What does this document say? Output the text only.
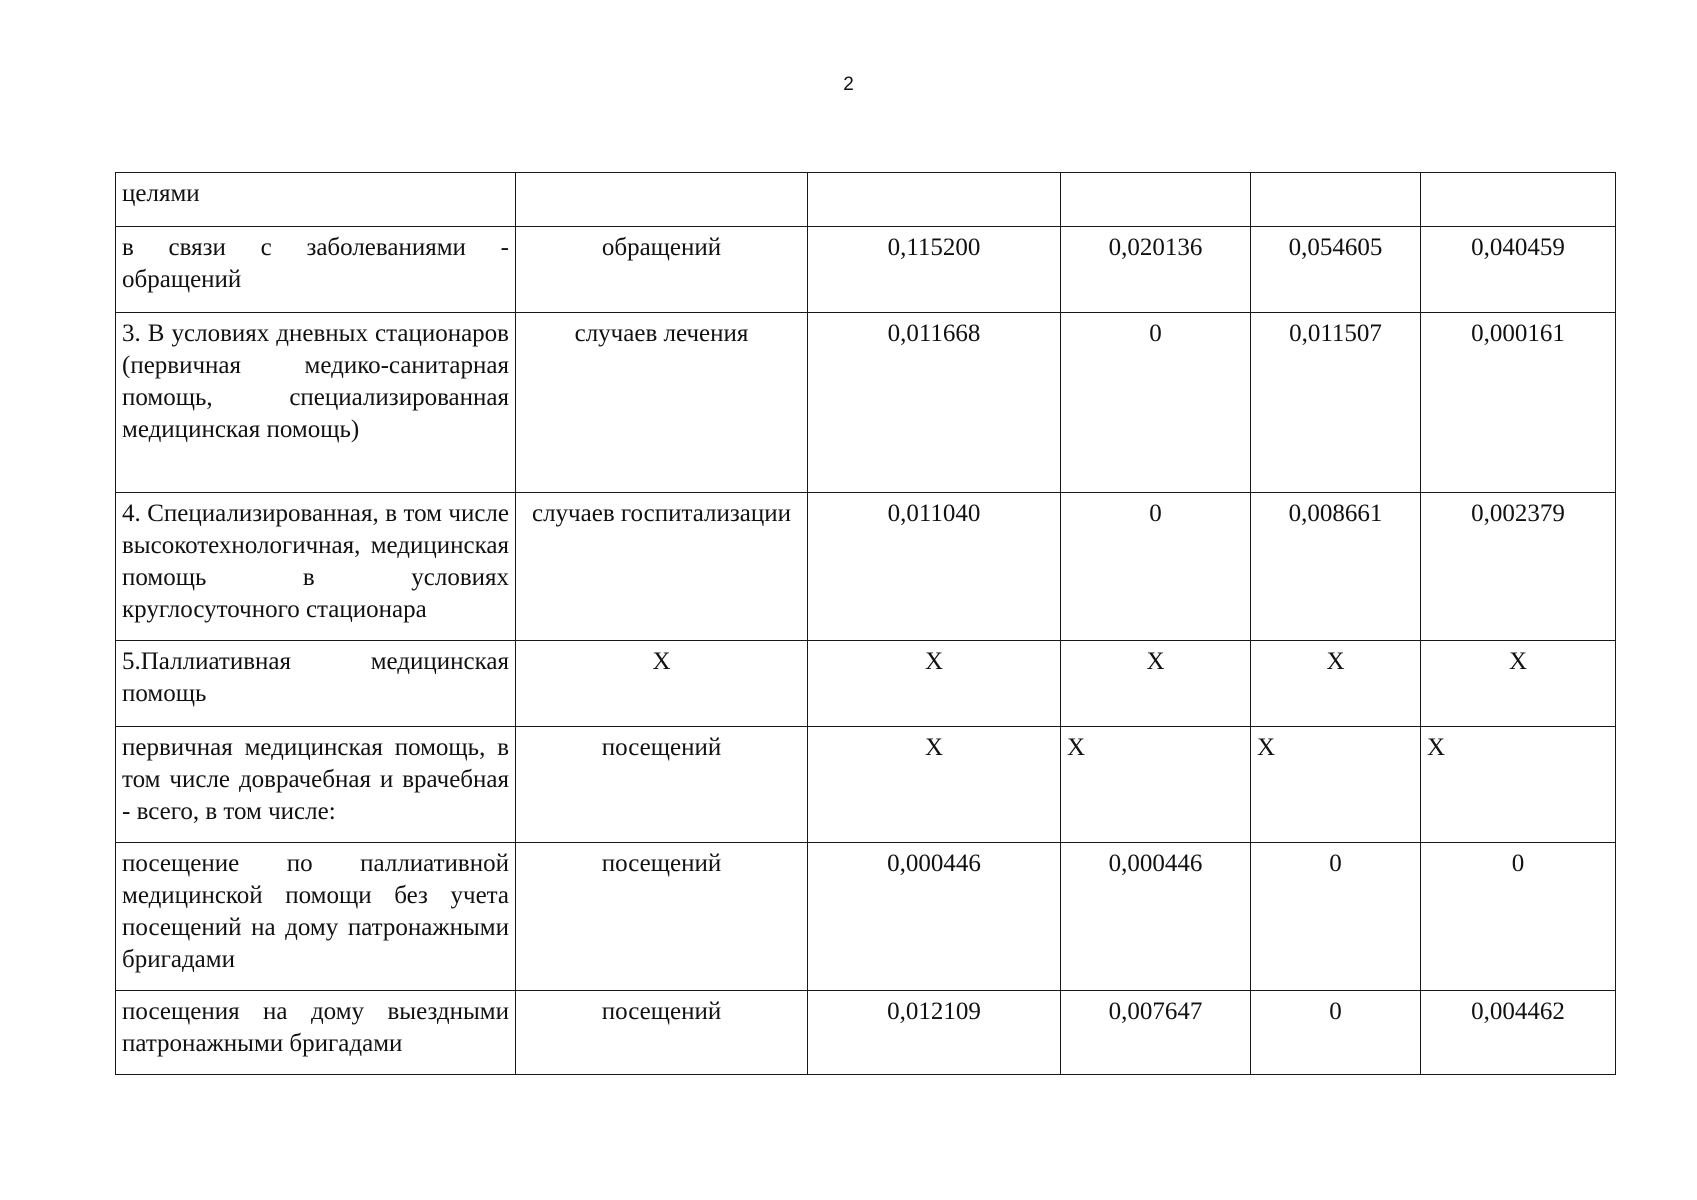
2
целями					
в связи с заболеваниями - обращений	обращений	0,115200	0,020136	0,054605	0,040459
3. В условиях дневных стационаров (первичная медико-санитарная помощь, специализированная медицинская помощь)	случаев лечения	0,011668	0	0,011507	0,000161
4. Специализированная, в том числе высокотехнологичная, медицинская помощь в условиях круглосуточного стационара	случаев госпитализации	0,011040	0	0,008661	0,002379
5.Паллиативная медицинская помощь	X	X	X	X	X
первичная медицинская помощь, в том числе доврачебная и врачебная - всего, в том числе:	посещений	X	X	X	X
посещение по паллиативной медицинской помощи без учета посещений на дому патронажными бригадами	посещений	0,000446	0,000446	0	0
посещения на дому выездными патронажными бригадами	посещений	0,012109	0,007647	0	0,004462
